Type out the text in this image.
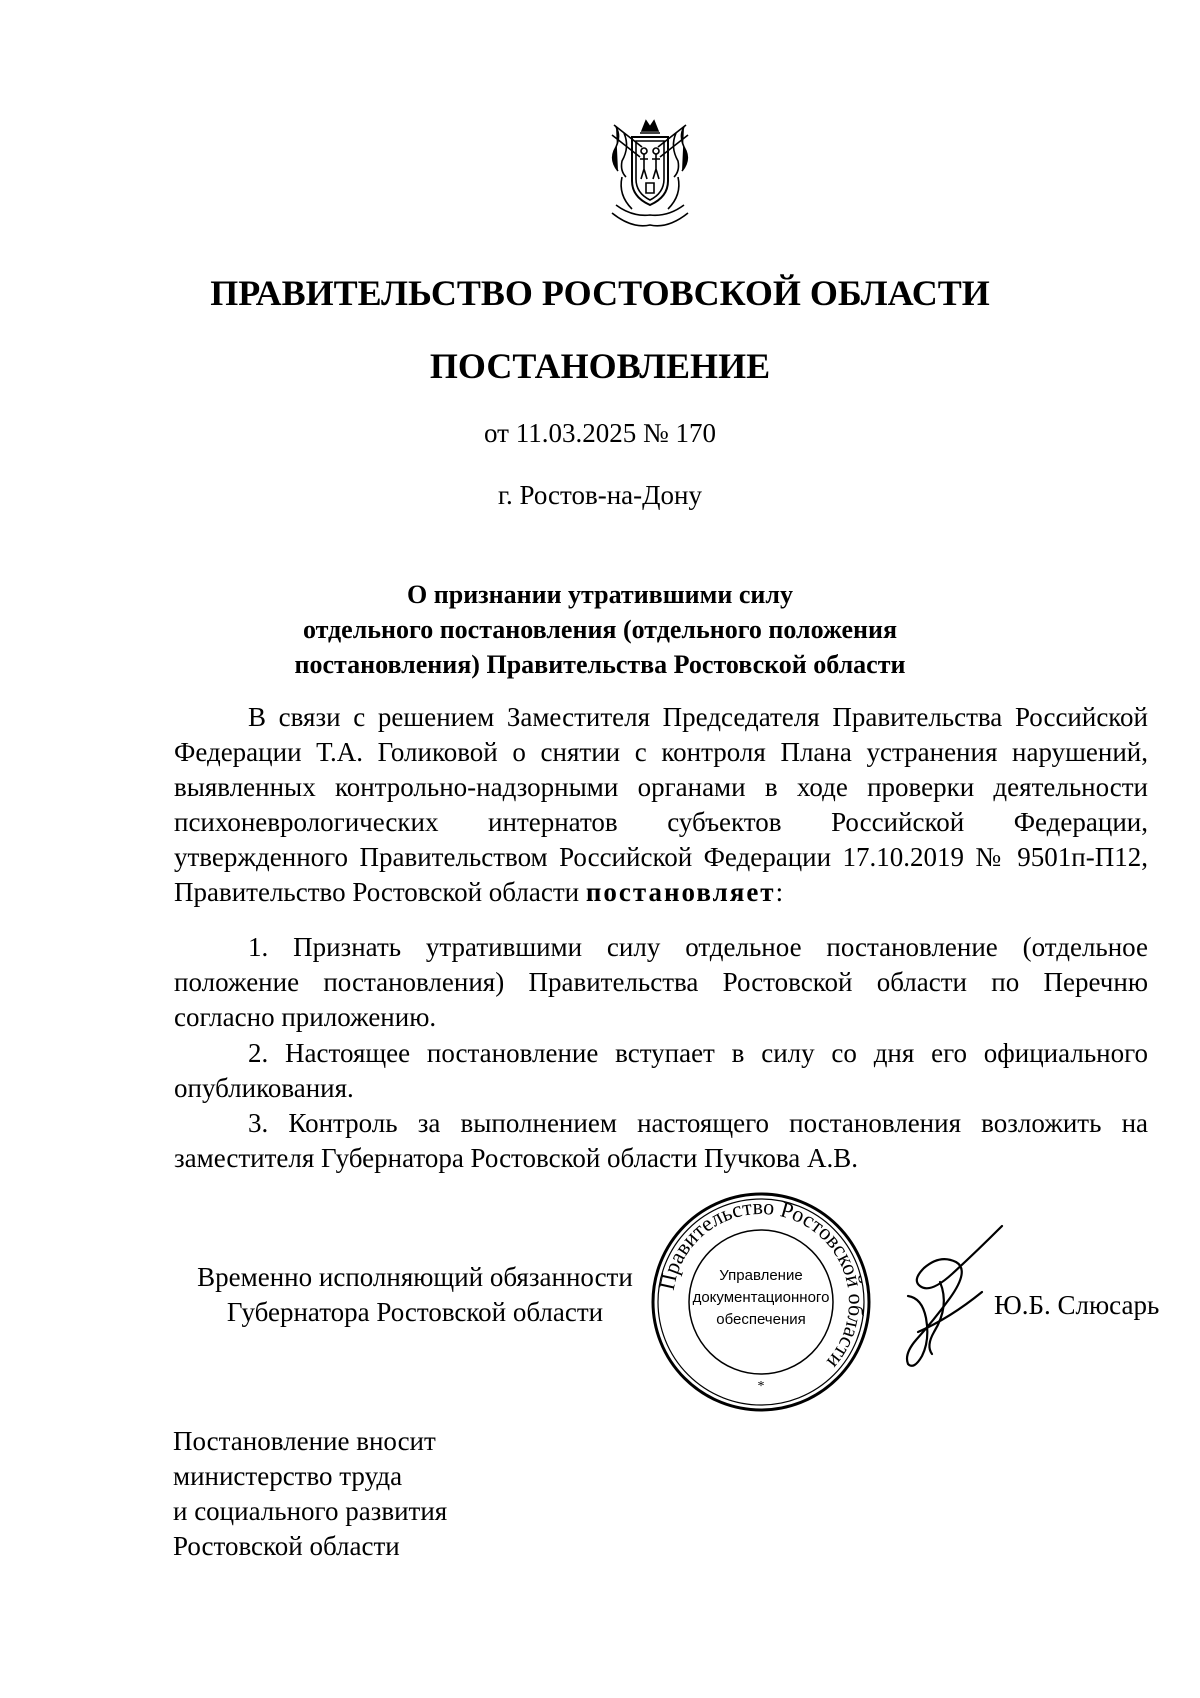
ПРАВИТЕЛЬСТВО РОСТОВСКОЙ ОБЛАСТИ
ПОСТАНОВЛЕНИЕ
от 11.03.2025 № 170
г. Ростов-на-Дону
О признании утратившими силу
отдельного постановления (отдельного положения
постановления) Правительства Ростовской области
В связи с решением Заместителя Председателя Правительства Российской Федерации Т.А. Голиковой о снятии с контроля Плана устранения нарушений, выявленных контрольно-надзорными органами в ходе проверки деятельности психоневрологических интернатов субъектов Российской Федерации, утвержденного Правительством Российской Федерации 17.10.2019 № 9501п-П12, Правительство Ростовской области постановляет:
1. Признать утратившими силу отдельное постановление (отдельное положение постановления) Правительства Ростовской области по Перечню согласно приложению.
2. Настоящее постановление вступает в силу со дня его официального опубликования.
3. Контроль за выполнением настоящего постановления возложить на заместителя Губернатора Ростовской области Пучкова А.В.
Временно исполняющий обязанности
Губернатора Ростовской области
Правительство Ростовской области
Управление
документационного
обеспечения
*
Ю.Б. Слюсарь
Постановление вносит
министерство труда
и социального развития
Ростовской области
